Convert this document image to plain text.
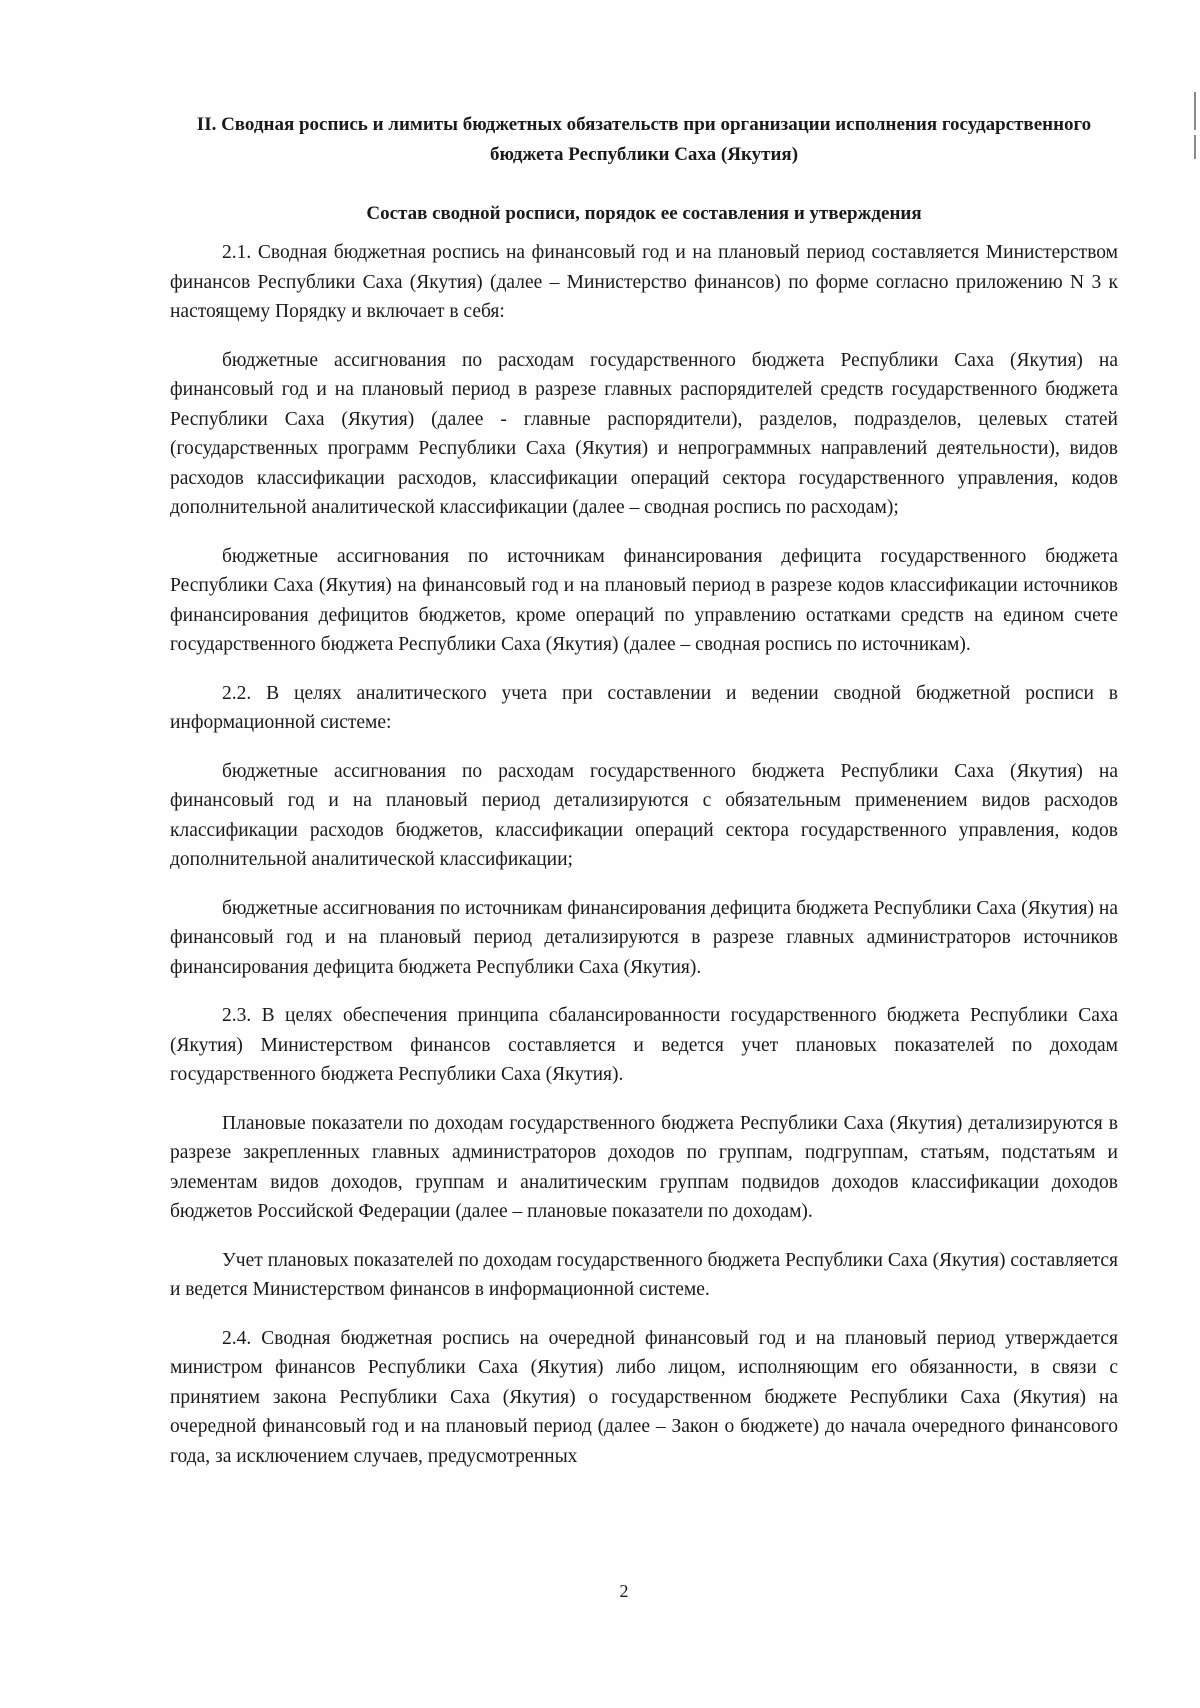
II. Сводная роспись и лимиты бюджетных обязательств при организации исполнения государственного бюджета Республики Саха (Якутия)
Состав сводной росписи, порядок ее составления и утверждения

2.1. Сводная бюджетная роспись на финансовый год и на плановый период составляется Министерством финансов Республики Саха (Якутия) (далее – Министерство финансов) по форме согласно приложению N 3 к настоящему Порядку и включает в себя:

бюджетные ассигнования по расходам государственного бюджета Республики Саха (Якутия) на финансовый год и на плановый период в разрезе главных распорядителей средств государственного бюджета Республики Саха (Якутия) (далее - главные распорядители), разделов, подразделов, целевых статей (государственных программ Республики Саха (Якутия) и непрограммных направлений деятельности), видов расходов классификации расходов, классификации операций сектора государственного управления, кодов дополнительной аналитической классификации (далее – сводная роспись по расходам);

бюджетные ассигнования по источникам финансирования дефицита государственного бюджета Республики Саха (Якутия) на финансовый год и на плановый период в разрезе кодов классификации источников финансирования дефицитов бюджетов, кроме операций по управлению остатками средств на едином счете государственного бюджета Республики Саха (Якутия) (далее – сводная роспись по источникам).

2.2. В целях аналитического учета при составлении и ведении сводной бюджетной росписи в информационной системе:

бюджетные ассигнования по расходам государственного бюджета Республики Саха (Якутия) на финансовый год и на плановый период детализируются с обязательным применением видов расходов классификации расходов бюджетов, классификации операций сектора государственного управления, кодов дополнительной аналитической классификации;

бюджетные ассигнования по источникам финансирования дефицита бюджета Республики Саха (Якутия) на финансовый год и на плановый период детализируются в разрезе главных администраторов источников финансирования дефицита бюджета Республики Саха (Якутия).

2.3. В целях обеспечения принципа сбалансированности государственного бюджета Республики Саха (Якутия) Министерством финансов составляется и ведется учет плановых показателей по доходам государственного бюджета Республики Саха (Якутия).

Плановые показатели по доходам государственного бюджета Республики Саха (Якутия) детализируются в разрезе закрепленных главных администраторов доходов по группам, подгруппам, статьям, подстатьям и элементам видов доходов, группам и аналитическим группам подвидов доходов классификации доходов бюджетов Российской Федерации (далее – плановые показатели по доходам).

Учет плановых показателей по доходам государственного бюджета Республики Саха (Якутия) составляется и ведется Министерством финансов в информационной системе.

2.4. Сводная бюджетная роспись на очередной финансовый год и на плановый период утверждается министром финансов Республики Саха (Якутия) либо лицом, исполняющим его обязанности, в связи с принятием закона Республики Саха (Якутия) о государственном бюджете Республики Саха (Якутия) на очередной финансовый год и на плановый период (далее – Закон о бюджете) до начала очередного финансового года, за исключением случаев, предусмотренных

2
